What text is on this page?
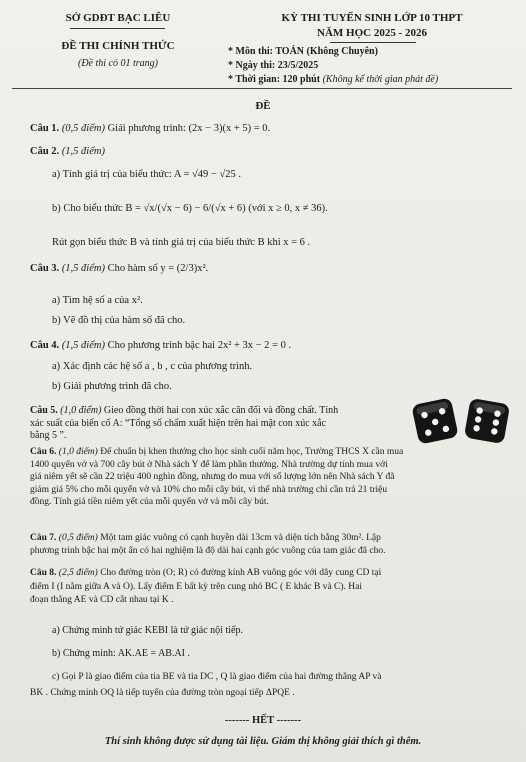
SỞ GDĐT BẠC LIÊU
ĐỀ THI CHÍNH THỨC
(Đề thi có 01 trang)
KỲ THI TUYỂN SINH LỚP 10 THPT
NĂM HỌC 2025 - 2026
* Môn thi: TOÁN (Không Chuyên)
* Ngày thi: 23/5/2025
* Thời gian: 120 phút (Không kể thời gian phát đề)
ĐỀ
Câu 1. (0,5 điểm) Giải phương trình: (2x − 3)(x + 5) = 0.
Câu 2. (1,5 điểm)
a) Tính giá trị của biểu thức: A = √49 − √25 .
b) Cho biểu thức B = √x/(√x − 6) − 6/(√x + 6) (với x ≥ 0, x ≠ 36).
Rút gọn biểu thức B và tính giá trị của biểu thức B khi x = 6 .
Câu 3. (1,5 điểm) Cho hàm số y = (2/3)x².
a) Tìm hệ số a của x².
b) Vẽ đồ thị của hàm số đã cho.
Câu 4. (1,5 điểm) Cho phương trình bậc hai 2x² + 3x − 2 = 0 .
a) Xác định các hệ số a , b , c của phương trình.
b) Giải phương trình đã cho.
Câu 5. (1,0 điểm) Gieo đồng thời hai con xúc xắc cân đối và đồng chất. Tính
xác suất của biến cố A: “Tổng số chấm xuất hiện trên hai mặt con xúc xắc
bằng 5 ”.
Câu 6. (1,0 điểm) Để chuẩn bị khen thưởng cho học sinh cuối năm học, Trường THCS X cần mua
1400 quyển vở và 700 cây bút ở Nhà sách Y để làm phần thưởng. Nhà trường dự tính mua với
giá niêm yết sẽ cần 22 triệu 400 nghìn đồng, nhưng do mua với số lượng lớn nên Nhà sách Y đã
giảm giá 5% cho mỗi quyển vở và 10% cho mỗi cây bút, vì thế nhà trường chỉ cần trả 21 triệu
đồng. Tính giá tiền niêm yết của mỗi quyển vở và mỗi cây bút.
Câu 7. (0,5 điểm) Một tam giác vuông có cạnh huyền dài 13cm và diện tích bằng 30m². Lập
phương trình bậc hai một ẩn có hai nghiệm là độ dài hai cạnh góc vuông của tam giác đã cho.
Câu 8. (2,5 điểm) Cho đường tròn (O; R) có đường kính AB vuông góc với dây cung CD tại
điểm I (I nằm giữa A và O). Lấy điểm E bất kỳ trên cung nhỏ BC ( E khác B và C). Hai
đoạn thẳng AE và CD cắt nhau tại K .
a) Chứng minh tứ giác KEBI là tứ giác nội tiếp.
b) Chứng minh: AK.AE = AB.AI .
c) Gọi P là giao điểm của tia BE và tia DC , Q là giao điểm của hai đường thẳng AP và
BK . Chứng minh OQ là tiếp tuyến của đường tròn ngoại tiếp ΔPQE .
------- HẾT -------
Thí sinh không được sử dụng tài liệu. Giám thị không giải thích gì thêm.
